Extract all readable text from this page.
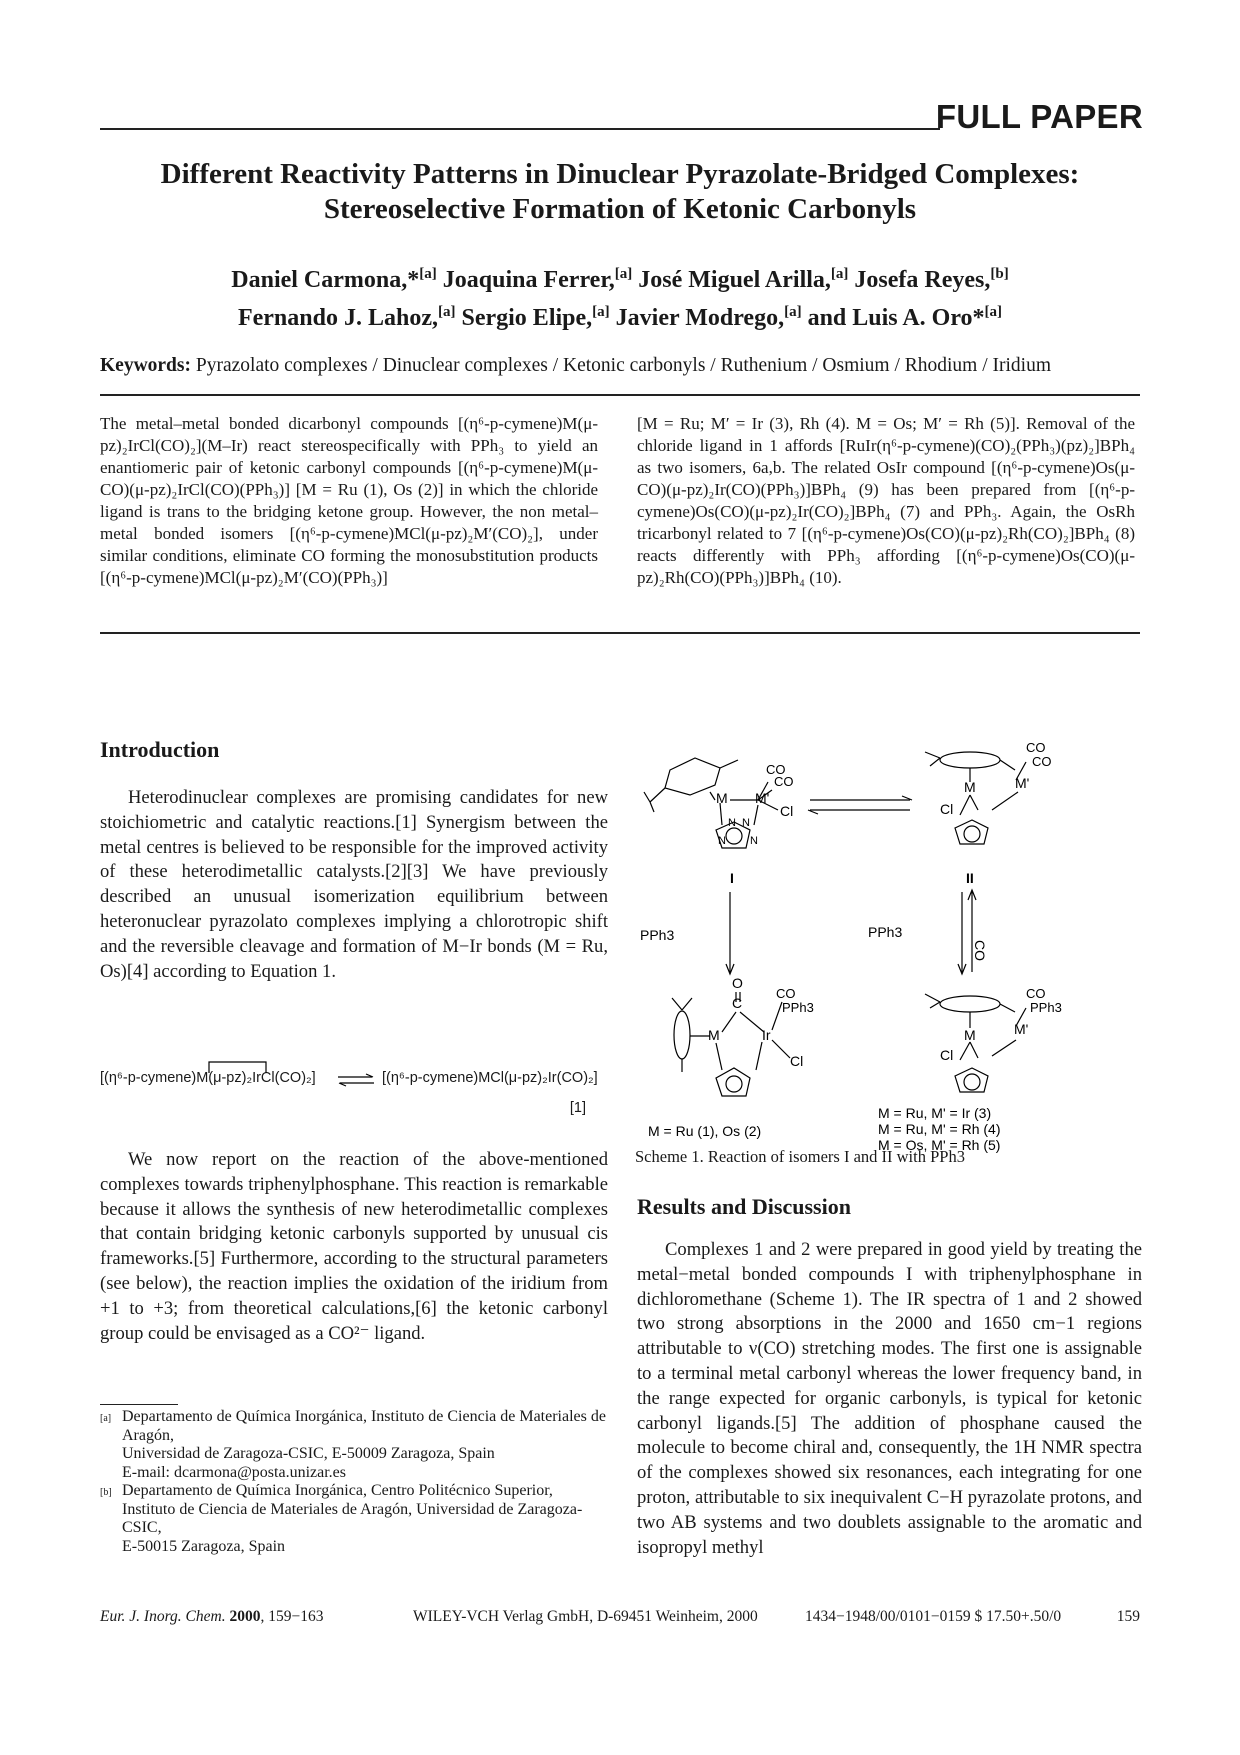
FULL PAPER
Different Reactivity Patterns in Dinuclear Pyrazolate-Bridged Complexes:
Stereoselective Formation of Ketonic Carbonyls
Daniel Carmona,*[a] Joaquina Ferrer,[a] José Miguel Arilla,[a] Josefa Reyes,[b]
Fernando J. Lahoz,[a] Sergio Elipe,[a] Javier Modrego,[a] and Luis A. Oro*[a]
Keywords: Pyrazolato complexes / Dinuclear complexes / Ketonic carbonyls / Ruthenium / Osmium / Rhodium / Iridium

The metal–metal bonded dicarbonyl compounds [(η⁶-p-cymene)M(μ-pz)₂IrCl(CO)₂](M–Ir) react stereospecifically with PPh₃ to yield an enantiomeric pair of ketonic carbonyl compounds [(η⁶-p-cymene)M(μ-CO)(μ-pz)₂IrCl(CO)(PPh₃)] [M = Ru (1), Os (2)] in which the chloride ligand is trans to the bridging ketone group. However, the non metal–metal bonded isomers [(η⁶-p-cymene)MCl(μ-pz)₂M′(CO)₂], under similar conditions, eliminate CO forming the monosubstitution products [(η⁶-p-cymene)MCl(μ-pz)₂M′(CO)(PPh₃)]

[M = Ru; M′ = Ir (3), Rh (4). M = Os; M′ = Rh (5)]. Removal of the chloride ligand in 1 affords [RuIr(η⁶-p-cymene)(CO)₂(PPh₃)(pz)₂]BPh₄ as two isomers, 6a,b. The related OsIr compound [(η⁶-p-cymene)Os(μ-CO)(μ-pz)₂Ir(CO)(PPh₃)]BPh₄ (9) has been prepared from [(η⁶-p-cymene)Os(CO)(μ-pz)₂Ir(CO)₂]BPh₄ (7) and PPh₃. Again, the OsRh tricarbonyl related to 7 [(η⁶-p-cymene)Os(CO)(μ-pz)₂Rh(CO)₂]BPh₄ (8) reacts differently with PPh₃ affording [(η⁶-p-cymene)Os(CO)(μ-pz)₂Rh(CO)(PPh₃)]BPh₄ (10).

Introduction

Heterodinuclear complexes are promising candidates for new stoichiometric and catalytic reactions.[1] Synergism between the metal centres is believed to be responsible for the improved activity of these heterodimetallic catalysts.[2][3] We have previously described an unusual isomerization equilibrium between heteronuclear pyrazolato complexes implying a chlorotropic shift and the reversible cleavage and formation of M−Ir bonds (M = Ru, Os)[4] according to Equation 1.

[(η⁶-p-cymene)M(μ-pz)₂IrCl(CO)₂] ⇌ [(η⁶-p-cymene)MCl(μ-pz)₂Ir(CO)₂]
[1]

We now report on the reaction of the above-mentioned complexes towards triphenylphosphane. This reaction is remarkable because it allows the synthesis of new heterodimetallic complexes that contain bridging ketonic carbonyls supported by unusual cis frameworks.[5] Furthermore, according to the structural parameters (see below), the reaction implies the oxidation of the iridium from +1 to +3; from theoretical calculations,[6] the ketonic carbonyl group could be envisaged as a CO²⁻ ligand.

[a] Departamento de Química Inorgánica, Instituto de Ciencia de Materiales de Aragón,
Universidad de Zaragoza-CSIC, E-50009 Zaragoza, Spain
E-mail: dcarmona@posta.unizar.es
[b] Departamento de Química Inorgánica, Centro Politécnico Superior,
Instituto de Ciencia de Materiales de Aragón, Universidad de Zaragoza-CSIC,
E-50015 Zaragoza, Spain
M M'
CO
CO
Cl
N N
N N
I
M	M'
CO
CO
Cl
II
PPh3	PPh3
CO
O
C
M	Ir
CO
PPh3
Cl
M = Ru (1), Os (2)
M	M'
CO
PPh3
Cl
M = Ru, M' = Ir (3)
M = Ru, M' = Rh (4)
M = Os, M' = Rh (5)
Scheme 1. Reaction of isomers I and II with PPh3
Results and Discussion

Complexes 1 and 2 were prepared in good yield by treating the metal−metal bonded compounds I with triphenylphosphane in dichloromethane (Scheme 1). The IR spectra of 1 and 2 showed two strong absorptions in the 2000 and 1650 cm−1 regions attributable to ν(CO) stretching modes. The first one is assignable to a terminal metal carbonyl whereas the lower frequency band, in the range expected for organic carbonyls, is typical for ketonic carbonyl ligands.[5] The addition of phosphane caused the molecule to become chiral and, consequently, the 1H NMR spectra of the complexes showed six resonances, each integrating for one proton, attributable to six inequivalent C−H pyrazolate protons, and two AB systems and two doublets assignable to the aromatic and isopropyl methyl

Eur. J. Inorg. Chem. 2000, 159−163	WILEY-VCH Verlag GmbH, D-69451 Weinheim, 2000	1434−1948/00/0101−0159 $ 17.50+.50/0	159
